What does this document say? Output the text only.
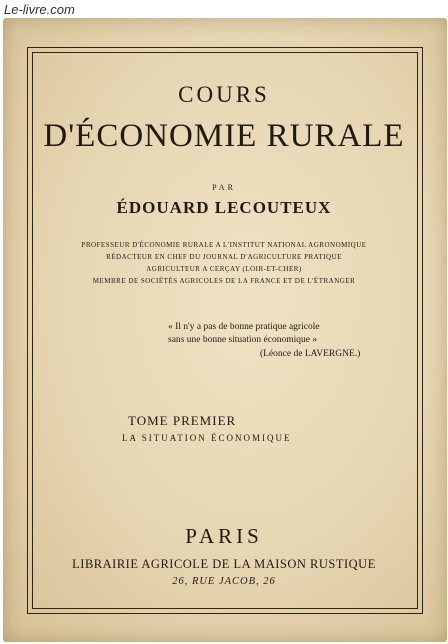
Le-livre.com
COURS
D'ÉCONOMIE RURALE
PAR
ÉDOUARD LECOUTEUX
PROFESSEUR D'ÉCONOMIE RURALE A L'INSTITUT NATIONAL AGRONOMIQUE
RÉDACTEUR EN CHEF DU JOURNAL D'AGRICULTURE PRATIQUE
AGRICULTEUR A CERÇAY (LOIR-ET-CHER)
MEMBRE DE SOCIÉTÉS AGRICOLES DE LA FRANCE ET DE L'ÉTRANGER
« Il n'y a pas de bonne pratique agricole
sans une bonne situation économique »
(Léonce de LAVERGNE.)
TOME PREMIER
LA SITUATION ÉCONOMIQUE
PARIS
LIBRAIRIE AGRICOLE DE LA MAISON RUSTIQUE
26, RUE JACOB, 26
